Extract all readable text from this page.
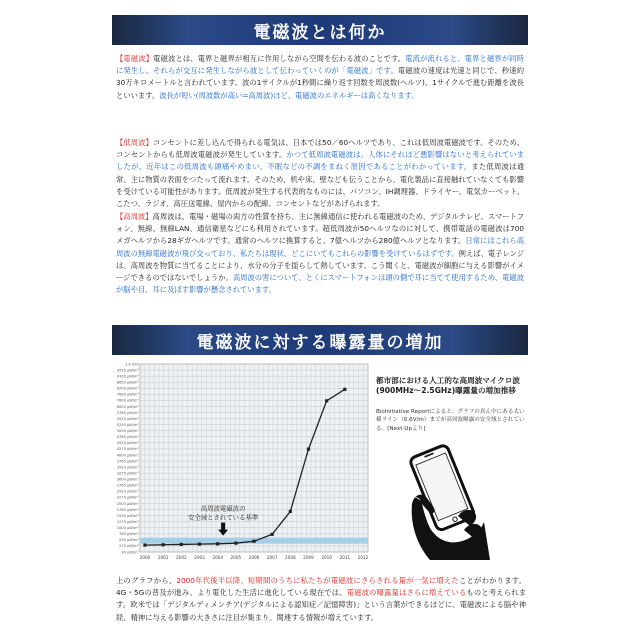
電磁波とは何か

【電磁波】電磁波とは、電界と磁界が相互に作用しながら空間を伝わる波のことです。電流が流れると、電界と磁界が同時に発生し、それらが交互に発生しながら波として伝わっていくのが「電磁波」です。電磁波の速度は光速と同じで、秒速約30万キロメートルと言われています。波の1サイクルが1秒間に繰り返す回数を周波数(ヘルツ)、1サイクルで進む距離を波長といいます。波長が短い(周波数が高い=高周波)ほど、電磁波のエネルギーは高くなります。

【低周波】コンセントに差し込んで得られる電気は、日本では50／60ヘルツであり、これは低周波電磁波です。そのため、コンセントからも低周波電磁波が発生しています。かつて低周波電磁波は、人体にそれほど悪影響はないと考えられていましたが、近年はこの低周波も頭痛やめまい、不眠などの不調をまねく原因であることがわかっています。また低周波は通常、主に物質の表面をつたって流れます。そのため、机や床、壁なども伝うことから、電化製品に直接触れていなくても影響を受けている可能性があります。低周波が発生する代表的なものには、パソコン、IH調理器、ドライヤー、電気カーペット、こたつ、ラジオ、高圧送電線、屋内からの配線、コンセントなどがあげられます。

【高周波】高周波は、電場・磁場の両方の性質を持ち、主に無線通信に使われる電磁波のため、デジタルテレビ、スマートフォン、無線、無線LAN、通信衛星などにも利用されています。超低周波が50ヘルツなのに対して、携帯電話の電磁波は700メガヘルツから28ギガヘルツです。通常のヘルツに換算すると、7億ヘルツから280億ヘルツとなります。日常にはこれら高周波の無線電磁波が飛び交っており、私たちは現状、どこにいてもこれらの影響を受けているはずです。例えば、電子レンジは、高周波を物質に当てることにより、水分の分子を揺らして熱しています。こう聞くと、電磁波が細胞に与える影響がイメージできるのではないでしょうか。高周波の害について、とくにスマートフォンは頭の側で耳に当てて使用するため、電磁波が脳や目、耳に及ぼす影響が懸念されています。

電磁波に対する曝露量の増加
30 μW/m²
270 μW/m²
520 μW/m²
760 μW/m²
1000 μW/m²
1275 μW/m²
1520 μW/m²
1765 μW/m²
2000 μW/m²
2275 μW/m²
2520 μW/m²
2765 μW/m²
3000 μW/m²
3275 μW/m²
3520 μW/m²
3765 μW/m²
4000 μW/m²
4275 μW/m²
4520 μW/m²
4765 μW/m²
5000 μW/m²
5250 μW/m²
5520 μW/m²
5765 μW/m²
6000 μW/m²
7000 μW/m²
7600 μW/m²
8200 μW/m²
8650 μW/m²
9100 μW/m²
9550 μW/m²
1.9 V/m
高周波電磁波の
安全域とされている基準
2000 2001 2002 2003 2004 2005 2006 2007 2008 2009 2010 2011 2012

都市部における人工的な高周波マイクロ波(900MHz〜2.5GHz)曝露量の増加推移

BioInitiative Reportによると、グラフの真ん中にある太い横ライン（0.6V/m）までが高周波曝露の安全域とされている。[Next-Upより]

上のグラフから、2000年代後半以降、短期間のうちに私たちが電磁波にさらされる量が一気に増えたことがわかります。4G・5Gの普及が進み、より電化した生活に進化している現在では、電磁波の曝露量はさらに増えているものと考えられます。欧米では「デジタルディメンチア(デジタルによる認知症／記憶障害)」という言葉ができるほどに、電磁波による脳や神経、精神に与える影響の大きさに注目が集まり、関連する情報が増えています。
